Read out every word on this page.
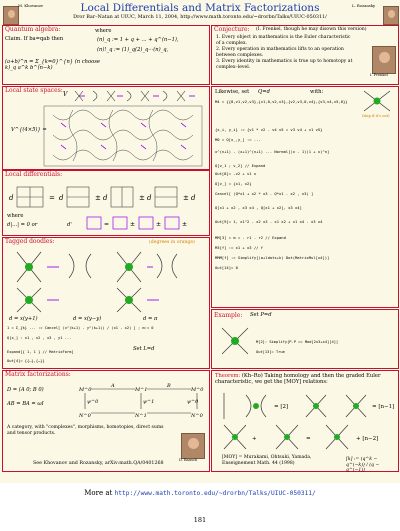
M. Khovanov	Local Differentials and Matrix Factorizations
Dror Bar–Natan at UIUC, March 11, 2004, http://www.math.toronto.edu/~drorbn/Talks/UIUC-050311/
L. Rozansky
Quantum algebra:
Claim. If ba=qab then
where
(n)_q := 1 + q + ... + q^(n−1),
(n)!_q := (1)_q(2)_q···(n)_q,
(a+b)^n = Σ_{k=0}^{n} (n choose k)_q a^k b^(n−k)
Conjecture: (I. Frenkel, though he may disown this version)
1. Every object in mathematics is the Euler characteristic of a complex.
2. Every operation in mathematics lifts to an operation between complexes.
3. Every identity in mathematics is true up to homotopy at complex–level.
I. Frenkel
Local state spaces:
V
V^{(4×5)} =
Likewise, set Q=d	with:
(skip if it's out)
M4 = {{0,v1,v2,v3},{v1,0,v2,v3},{v2,v3,0,v4},{v3,v4,v5,0}}
{x_i, y_i} := {v1 * v2 - v4 v5 = v3 v4 + v1 v5}
M0 = Q[x_,y_] := ...
x^(n+1) - (x+1)^(n+1) ... Normal[(x - 1)(1 + x)^n]
Q[v_1 ; v_2] // Expand
Out[8]= -v2 + v1 x
Q[v_] = {x1, x2}
Cancel[ (Q*x1 + x2 * x3 - Q*x1 - x2 , x3) ]
Q[x1 + x2 , x3 x4 , Q[x1 + x2], x3 x4]
Out[9]= 1, x1^2 - x2 x3 - x1 x2 + x1 x4 - x3 x4
MM[3] = m = . r1 . r2 // Expand
M3[f] := x1 + x3 // f
MMM[f] := Simplify[(a+ldots+k) Dot(MatrixMul[x4])]
Out[14]= 0
Local differentials:
d	= d	± d	± d	± d
where
d|…| = 0 or	d'	=	±	±	±
Tagged doodles:	(degrees in orange)
d = x(y+1)	d = x(y−y)	d = π
1 = Σ_{k} ... := Cancel[ (x^(k+1) - y^(k+1)) / (x1 - x2) ] ; m:= 0
Q[x_] : x1 , x2 , x3 , y1 ...
Expand[{ 1, 1 } // MatrixForm]	Set L=d
Out[4]= {{…},{…}}
Example: Set P=d
M[2]: Simplify[P.P == Mod[2x3+x4][4]]
Out[13]= True
Theorem: (Kh–Ro) Taking homology and then the graded Euler characteristic, we get the [MOY] relations:
= [2]	= [n−1]
+	=	+ [n−2]
[MOY] = Murakami, Ohtsuki, Yamada, Enseignement Math. 44 (1998)
[k] := (q^k − q^(−k)) / (q − q^(−1))
Matrix factorizations:
D = (A 0; B 0)
AB = BA = ωI
M^0
A
M^1
B
M^0
N^0	N^1	N^0
ψ^0	ψ^1	ψ^0
A category, with "complexes", morphisms, homotopies, direct sums and tensor products.
D. Bausch
See Khovanov and Rozansky, arXiv:math.QA/0401268
More at http://www.math.toronto.edu/~drorbn/Talks/UIUC-050311/
181
